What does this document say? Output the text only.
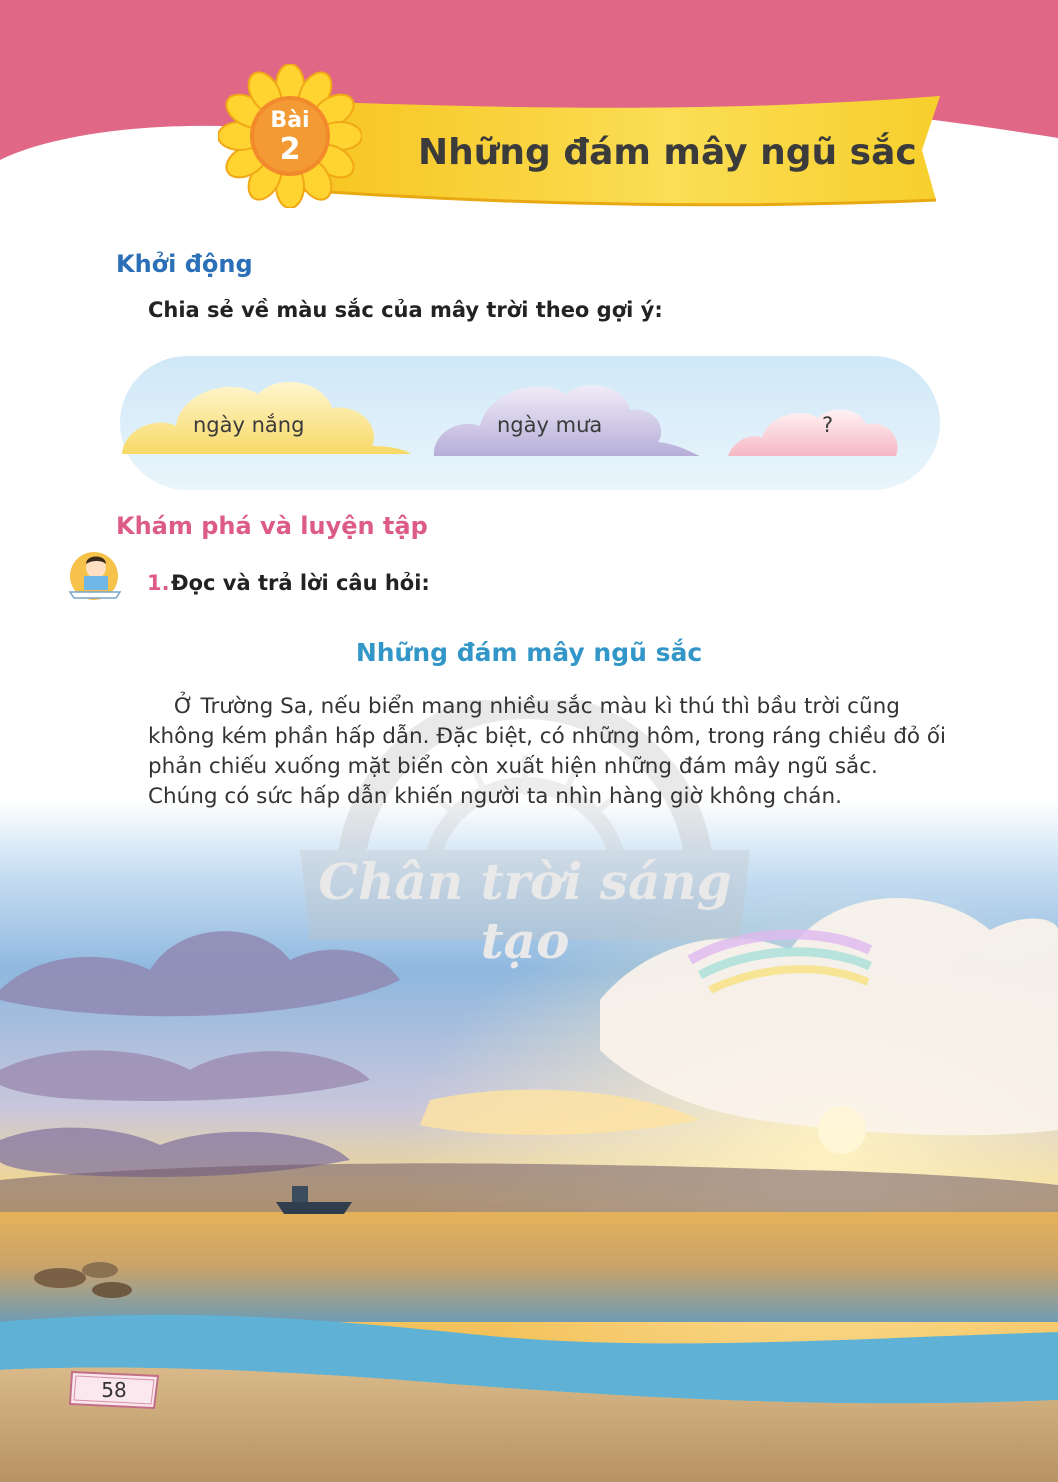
Bài
2	Những đám mây ngũ sắc
Khởi động
Chia sẻ về màu sắc của mây trời theo gợi ý:
ngày nắng	ngày mưa	?
Khám phá và luyện tập
1. Đọc và trả lời câu hỏi:
Những đám mây ngũ sắc
Chân trời sáng tạo
Ở Trường Sa, nếu biển mang nhiều sắc màu kì thú thì bầu trời cũng không kém phần hấp dẫn. Đặc biệt, có những hôm, trong ráng chiều đỏ ối phản chiếu xuống mặt biển còn xuất hiện những đám mây ngũ sắc. Chúng có sức hấp dẫn khiến người ta nhìn hàng giờ không chán.
58
